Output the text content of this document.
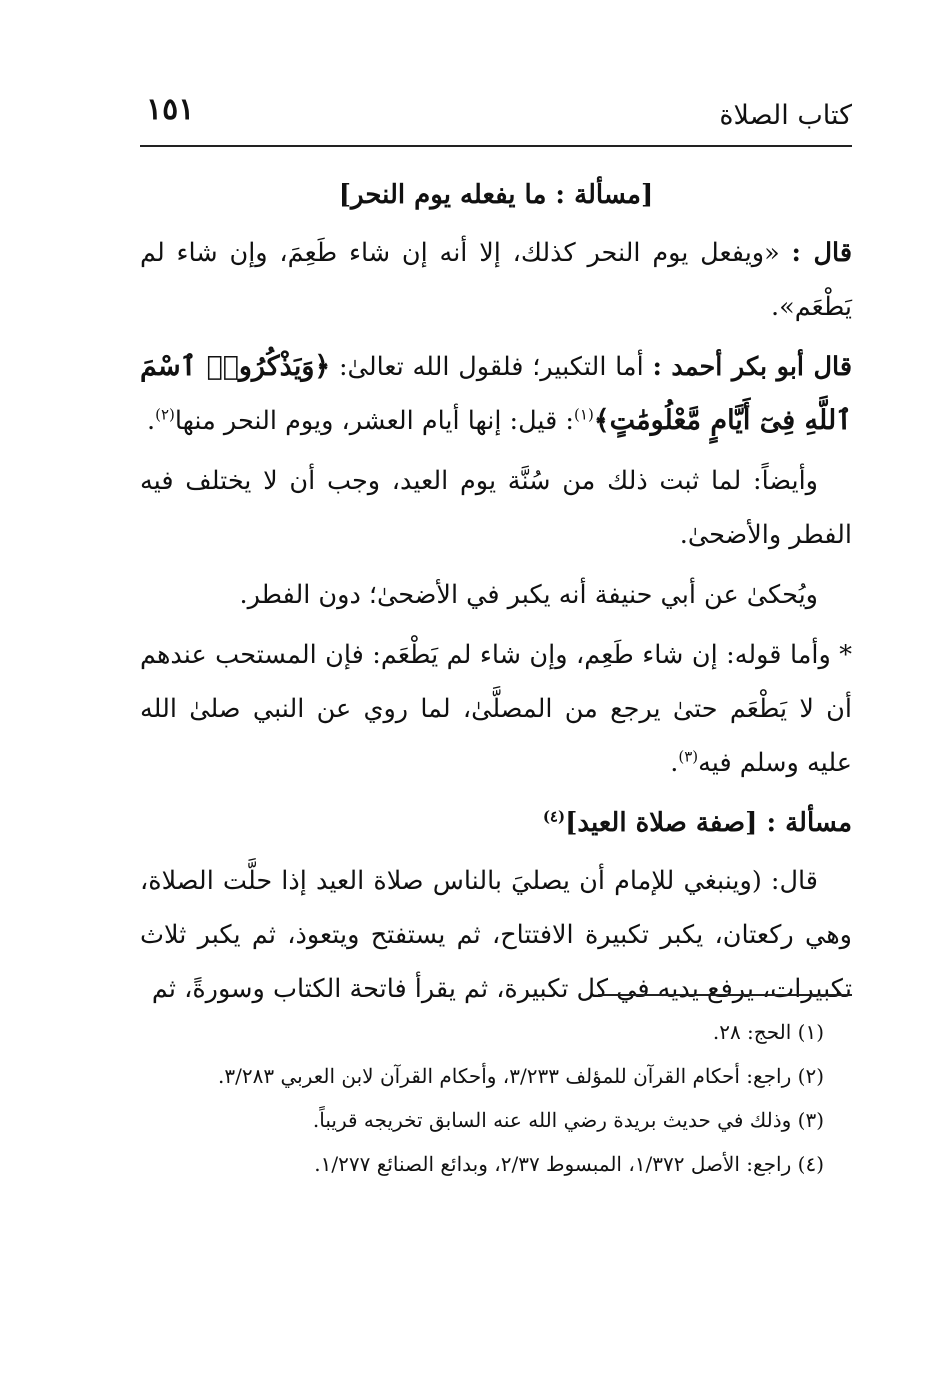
كتاب الصلاة
١٥١
[مسألة : ما يفعله يوم النحر]

قال : «ويفعل يوم النحر كذلك، إلا أنه إن شاء طَعِمَ، وإن شاء لم يَطْعَم».

قال أبو بكر أحمد : أما التكبير؛ فلقول الله تعالىٰ: ﴿وَيَذْكُرُوا۟ ٱسْمَ ٱللَّهِ فِىٓ أَيَّامٍ مَّعْلُومَٰتٍ﴾$^{(١)}$: قيل: إنها أيام العشر، ويوم النحر منها$^{(٢)}$.

وأيضاً: لما ثبت ذلك من سُنَّة يوم العيد، وجب أن لا يختلف فيه الفطر والأضحىٰ.

ويُحكىٰ عن أبي حنيفة أنه يكبر في الأضحىٰ؛ دون الفطر.

* وأما قوله: إن شاء طَعِم، وإن شاء لم يَطْعَم: فإن المستحب عندهم أن لا يَطْعَم حتىٰ يرجع من المصلَّىٰ، لما روي عن النبي صلىٰ الله عليه وسلم فيه$^{(٣)}$.

مسألة : [صفة صلاة العيد]$^{(٤)}$

قال: (وينبغي للإمام أن يصليَ بالناس صلاة العيد إذا حلَّت الصلاة، وهي ركعتان، يكبر تكبيرة الافتتاح، ثم يستفتح ويتعوذ، ثم يكبر ثلاث تكبيرات، يرفع يديه في كل تكبيرة، ثم يقرأ فاتحة الكتاب وسورةً، ثم

(١) الحج: ٢٨.

(٢) راجع: أحكام القرآن للمؤلف ٣/٢٣٣، وأحكام القرآن لابن العربي ٣/٢٨٣.

(٣) وذلك في حديث بريدة رضي الله عنه السابق تخريجه قريباً.

(٤) راجع: الأصل ١/٣٧٢، المبسوط ٢/٣٧، وبدائع الصنائع ١/٢٧٧.
